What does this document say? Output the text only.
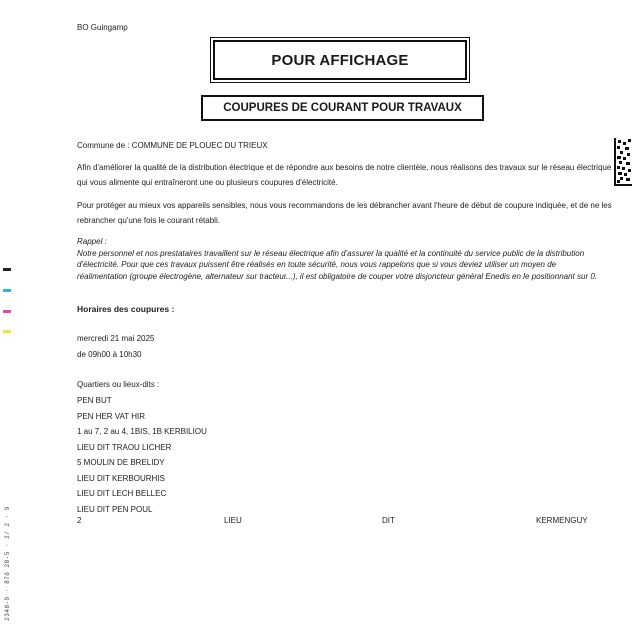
BO Guingamp
POUR AFFICHAGE
COUPURES DE COURANT POUR TRAVAUX
2348-9 · 876 28-5 · 2/ 2 · 9
Commune de : COMMUNE DE PLOUEC DU TRIEUX
Afin d'améliorer la qualité de la distribution électrique et de répondre aux besoins de notre clientèle, nous réalisons des travaux sur le réseau électrique qui vous alimente qui entraîneront une ou plusieurs coupures d'électricité.
Pour protéger au mieux vos appareils sensibles, nous vous recommandons de les débrancher avant l'heure de début de coupure indiquée, et de ne les rebrancher qu'une fois le courant rétabli.
Rappel :
Notre personnel et nos prestataires travaillent sur le réseau électrique afin d'assurer la qualité et la continuité du service public de la distribution d'électricité. Pour que ces travaux puissent être réalisés en toute sécurité, nous vous rappelons que si vous deviez utiliser un moyen de réalimentation (groupe électrogène, alternateur sur tracteur...), il est obligatoire de couper votre disjoncteur général Enedis en le positionnant sur 0.
Horaires des coupures :
mercredi 21 mai 2025
de 09h00 à 10h30
Quartiers ou lieux-dits :
PEN BUT
PEN HER VAT HIR
1 au 7, 2 au 4, 1BIS, 1B KERBILIOU
LIEU DIT TRAOU LICHER
5 MOULIN DE BRELIDY
LIEU DIT KERBOURHIS
LIEU DIT LECH BELLEC
LIEU DIT PEN POUL
2	LIEU	DIT	KERMENGUY
